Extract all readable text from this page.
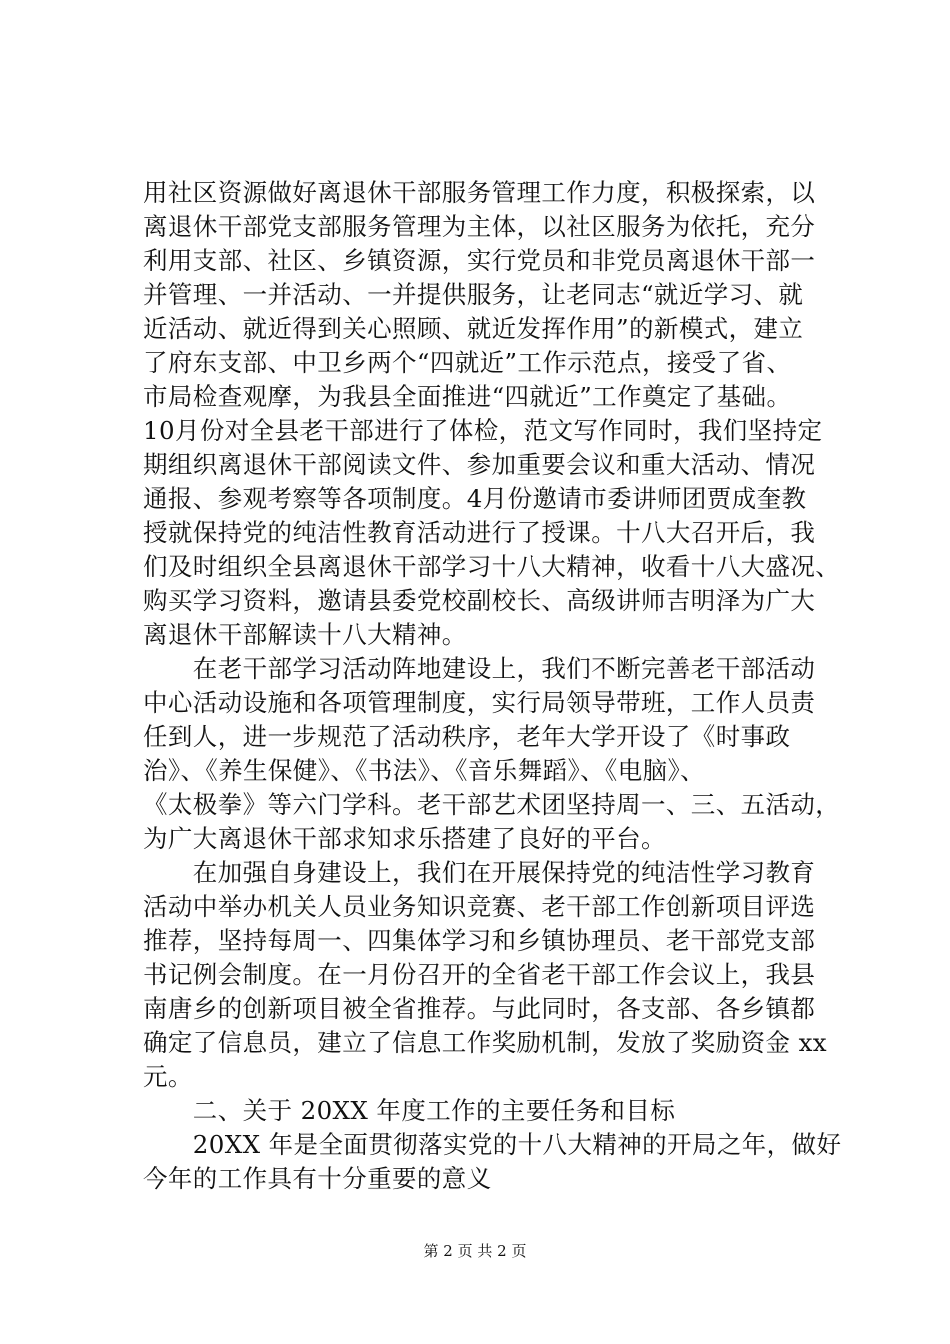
用社区资源做好离退休干部服务管理工作力度，积极探索，以
离退休干部党支部服务管理为主体，以社区服务为依托，充分
利用支部、社区、乡镇资源，实行党员和非党员离退休干部一
并管理、一并活动、一并提供服务，让老同志“就近学习、就
近活动、就近得到关心照顾、就近发挥作用”的新模式，建立
了府东支部、中卫乡两个“四就近”工作示范点，接受了省、
市局检查观摩，为我县全面推进“四就近”工作奠定了基础。
10月份对全县老干部进行了体检，范文写作同时，我们坚持定
期组织离退休干部阅读文件、参加重要会议和重大活动、情况
通报、参观考察等各项制度。4月份邀请市委讲师团贾成奎教
授就保持党的纯洁性教育活动进行了授课。十八大召开后，我
们及时组织全县离退休干部学习十八大精神，收看十八大盛况、
购买学习资料，邀请县委党校副校长、高级讲师吉明泽为广大
离退休干部解读十八大精神。
　　在老干部学习活动阵地建设上，我们不断完善老干部活动
中心活动设施和各项管理制度，实行局领导带班，工作人员责
任到人，进一步规范了活动秩序，老年大学开设了《时事政
治》、《养生保健》、《书法》、《音乐舞蹈》、《电脑》、
《太极拳》等六门学科。老干部艺术团坚持周一、三、五活动，
为广大离退休干部求知求乐搭建了良好的平台。
　　在加强自身建设上，我们在开展保持党的纯洁性学习教育
活动中举办机关人员业务知识竞赛、老干部工作创新项目评选
推荐，坚持每周一、四集体学习和乡镇协理员、老干部党支部
书记例会制度。在一月份召开的全省老干部工作会议上，我县
南唐乡的创新项目被全省推荐。与此同时，各支部、各乡镇都
确定了信息员，建立了信息工作奖励机制，发放了奖励资金 xx
元。
　　二、关于 20XX 年度工作的主要任务和目标
　　20XX 年是全面贯彻落实党的十八大精神的开局之年，做好
今年的工作具有十分重要的意义
第 2 页 共 2 页
